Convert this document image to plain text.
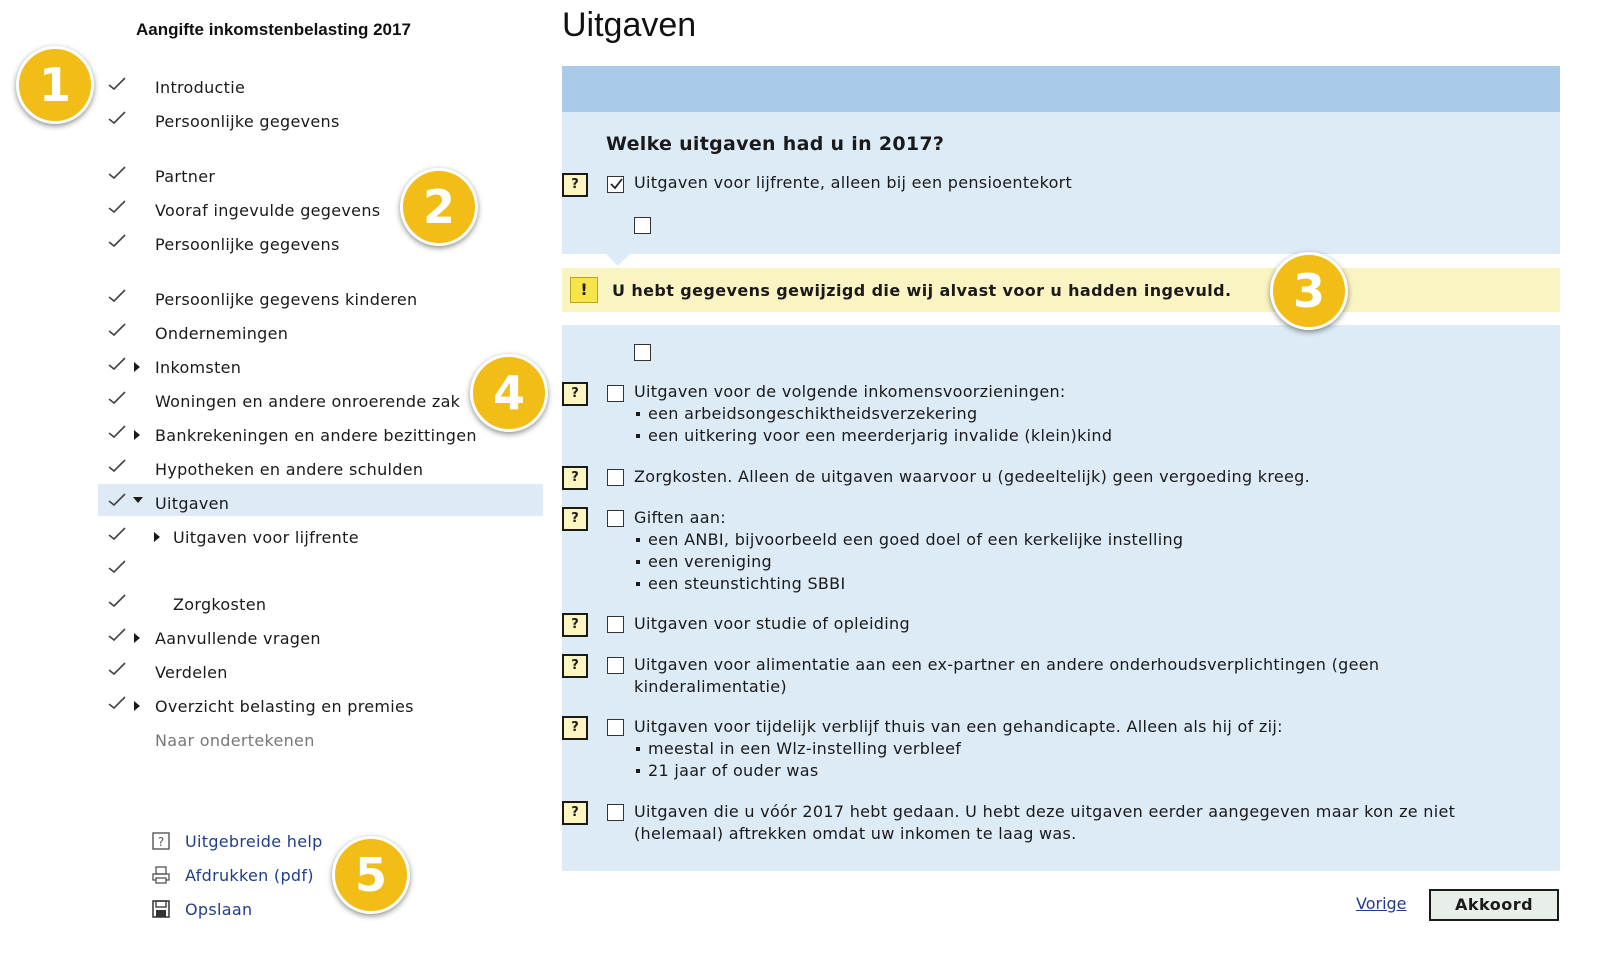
Aangifte inkomstenbelasting 2017
Introductie
Persoonlijke gegevens
Partner
Vooraf ingevulde gegevens
Persoonlijke gegevens
Persoonlijke gegevens kinderen
Ondernemingen
Inkomsten
Woningen en andere onroerende zak
Bankrekeningen en andere bezittingen
Hypotheken en andere schulden
Uitgaven
Uitgaven voor lijfrente
Zorgkosten
Aanvullende vragen
Verdelen
Overzicht belasting en premies
Naar ondertekenen
? Uitgebreide help
Afdrukken (pdf)
Opslaan
Uitgaven
!	U hebt gegevens gewijzigd die wij alvast voor u hadden ingevuld.
Welke uitgaven had u in 2017?
?	Uitgaven voor lijfrente, alleen bij een pensioentekort
?	Uitgaven voor de volgende inkomensvoorzieningen:
een arbeidsongeschiktheidsverzekering
een uitkering voor een meerderjarig invalide (klein)kind
?	Zorgkosten. Alleen de uitgaven waarvoor u (gedeeltelijk) geen vergoeding kreeg.
?	Giften aan:
een ANBI, bijvoorbeeld een goed doel of een kerkelijke instelling
een vereniging
een steunstichting SBBI
?	Uitgaven voor studie of opleiding
?	Uitgaven voor alimentatie aan een ex-partner en andere onderhoudsverplichtingen (geen kinderalimentatie)
?	Uitgaven voor tijdelijk verblijf thuis van een gehandicapte. Alleen als hij of zij:
meestal in een Wlz-instelling verbleef
21 jaar of ouder was
?	Uitgaven die u vóór 2017 hebt gedaan. U hebt deze uitgaven eerder aangegeven maar kon ze niet (helemaal) aftrekken omdat uw inkomen te laag was.
Vorige	Akkoord
1
2
3
4
5
